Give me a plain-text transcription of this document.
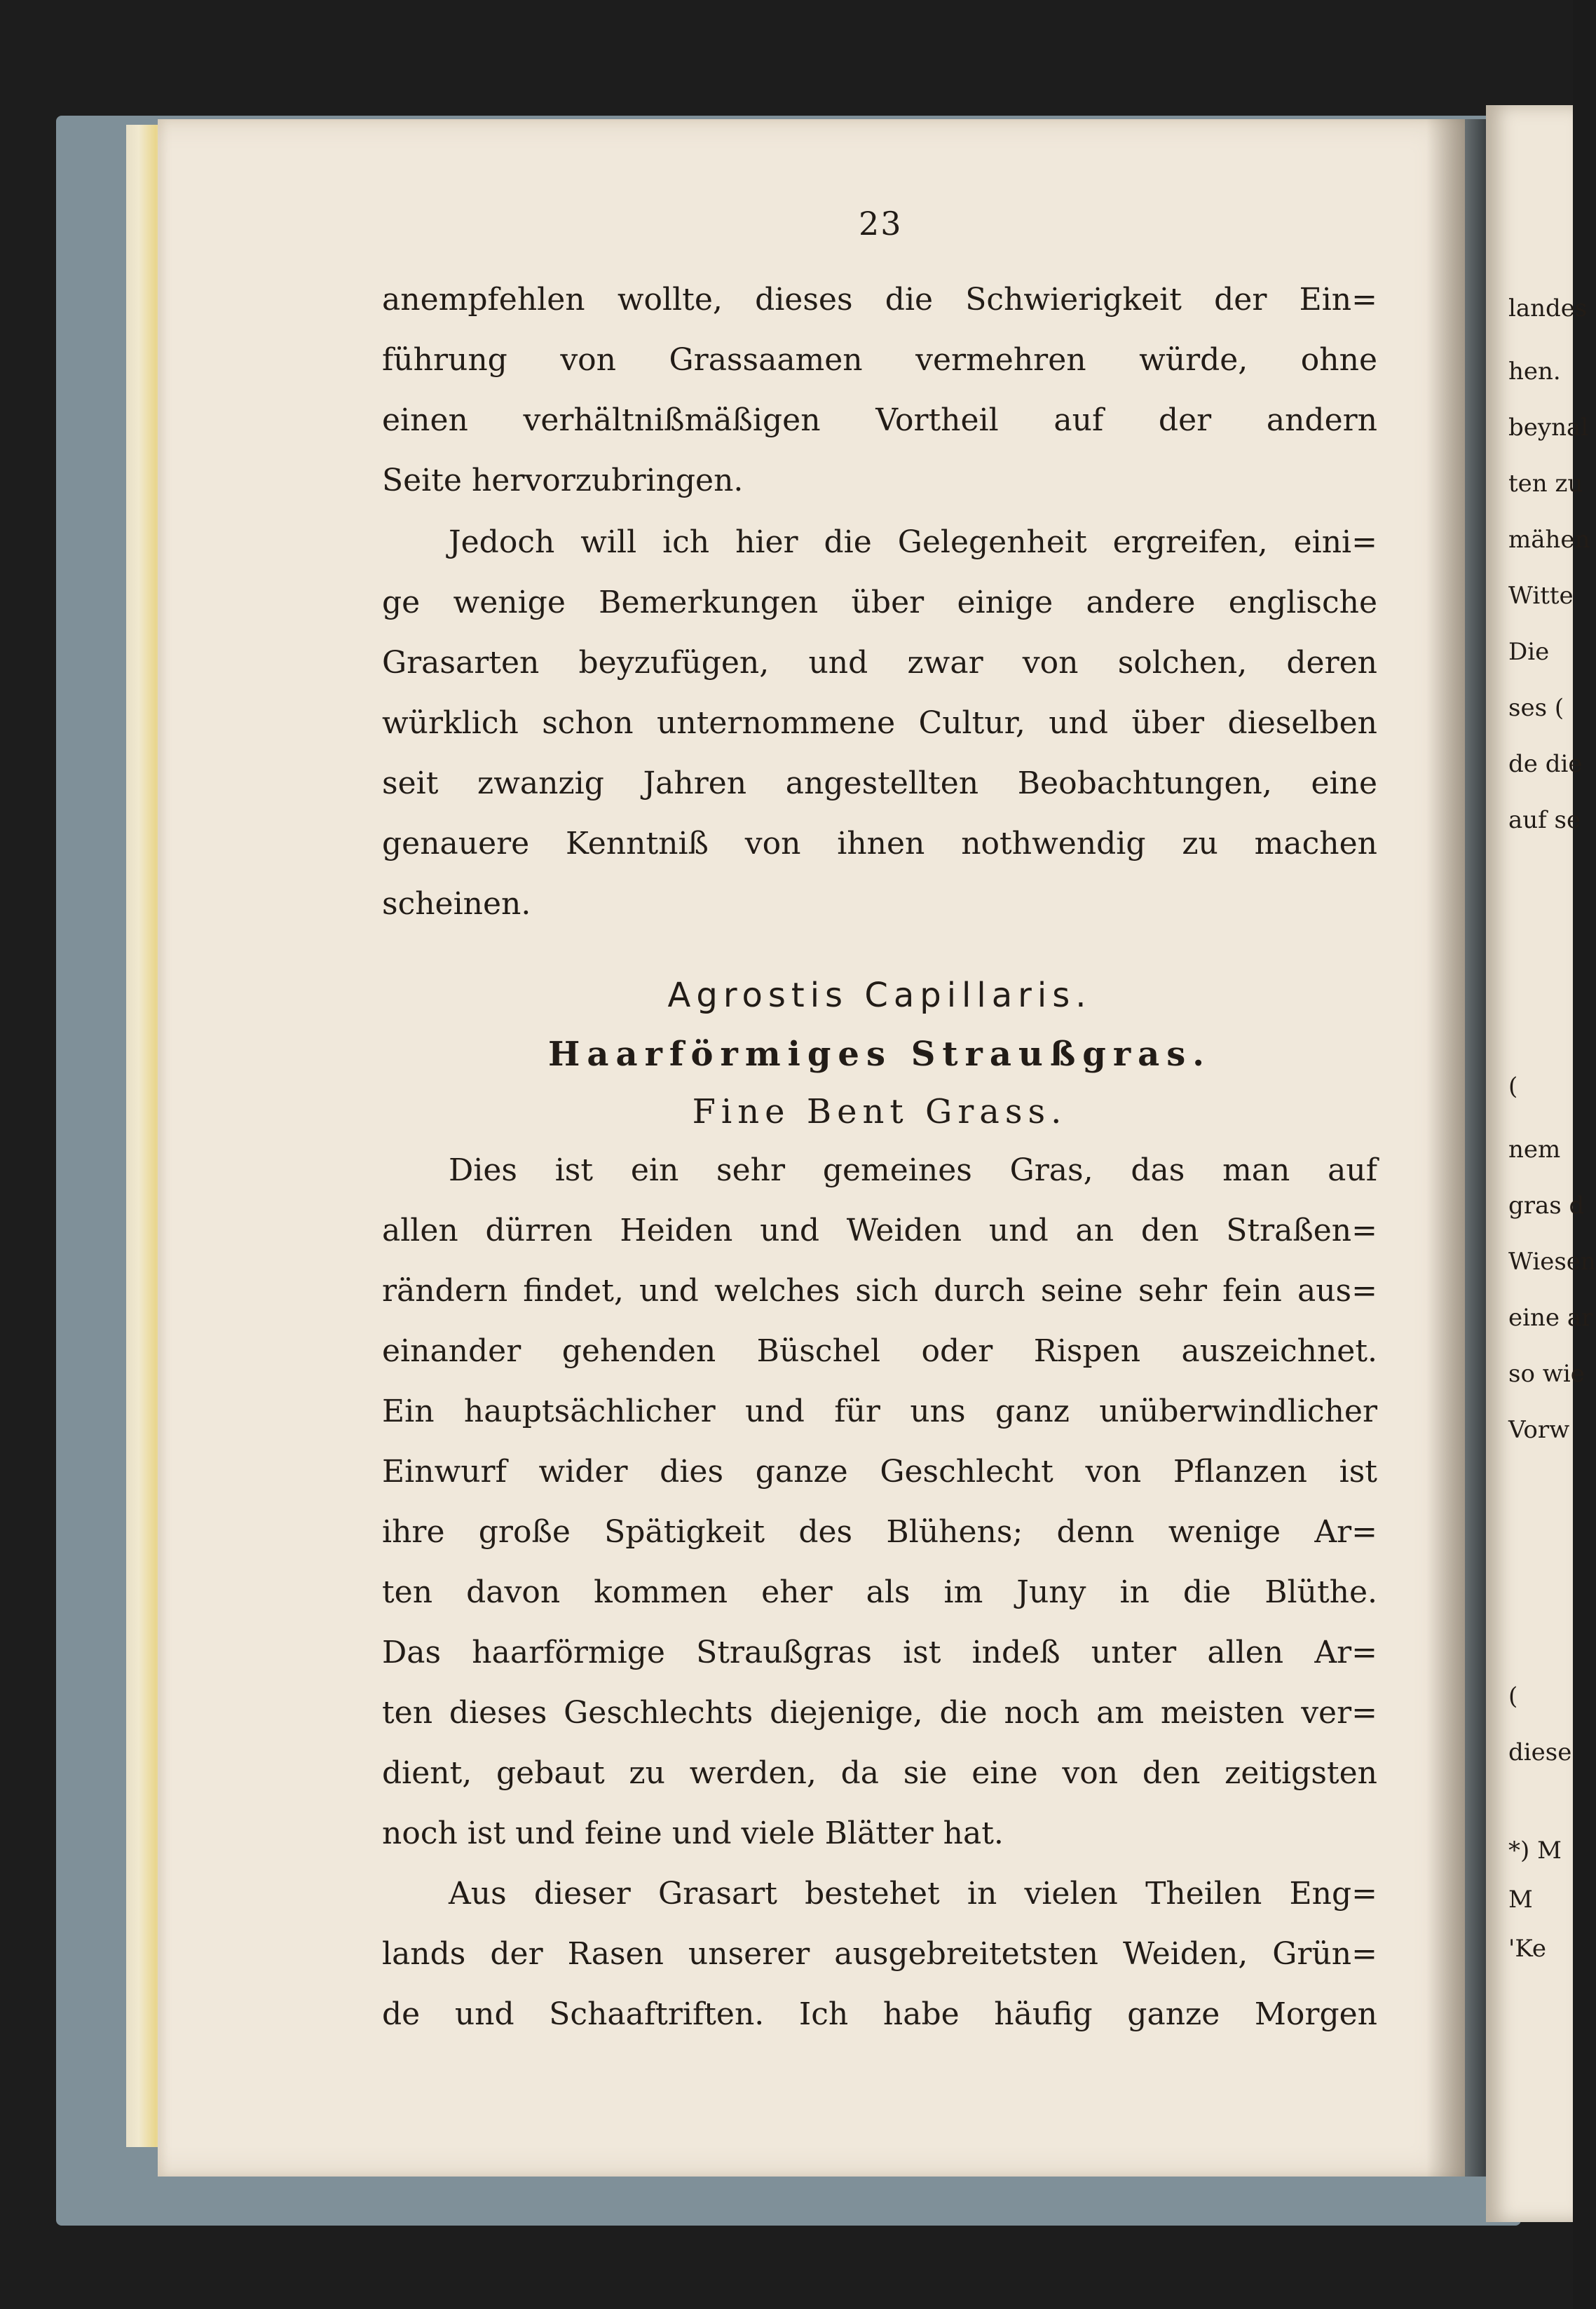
23
anempfehlen wollte, dieses die Schwierigkeit der Ein=
führung von Grassaamen vermehren würde, ohne
einen verhältnißmäßigen Vortheil auf der andern
Seite hervorzubringen.
Jedoch will ich hier die Gelegenheit ergreifen, eini=
ge wenige Bemerkungen über einige andere englische
Grasarten beyzufügen, und zwar von solchen, deren
würklich schon unternommene Cultur, und über dieselben
seit zwanzig Jahren angestellten Beobachtungen, eine
genauere Kenntniß von ihnen nothwendig zu machen
scheinen.
Agrostis Capillaris.
Haarförmiges Straußgras.
Fine Bent Grass.
Dies ist ein sehr gemeines Gras, das man auf
allen dürren Heiden und Weiden und an den Straßen=
rändern findet, und welches sich durch seine sehr fein aus=
einander gehenden Büschel oder Rispen auszeichnet.
Ein hauptsächlicher und für uns ganz unüberwindlicher
Einwurf wider dies ganze Geschlecht von Pflanzen ist
ihre große Spätigkeit des Blühens; denn wenige Ar=
ten davon kommen eher als im Juny in die Blüthe.
Das haarförmige Straußgras ist indeß unter allen Ar=
ten dieses Geschlechts diejenige, die noch am meisten ver=
dient, gebaut zu werden, da sie eine von den zeitigsten
noch ist und feine und viele Blätter hat.
Aus dieser Grasart bestehet in vielen Theilen Eng=
lands der Rasen unserer ausgebreitetsten Weiden, Grün=
de und Schaaftriften. Ich habe häufig ganze Morgen
landes
hen.
beynal
ten zu
mähen
Witte
Die
ses (
de die
auf se
(
nem
gras d
Wiesen
eine ar
so wie
Vorw
(
diese
*) M
M
'Ke
